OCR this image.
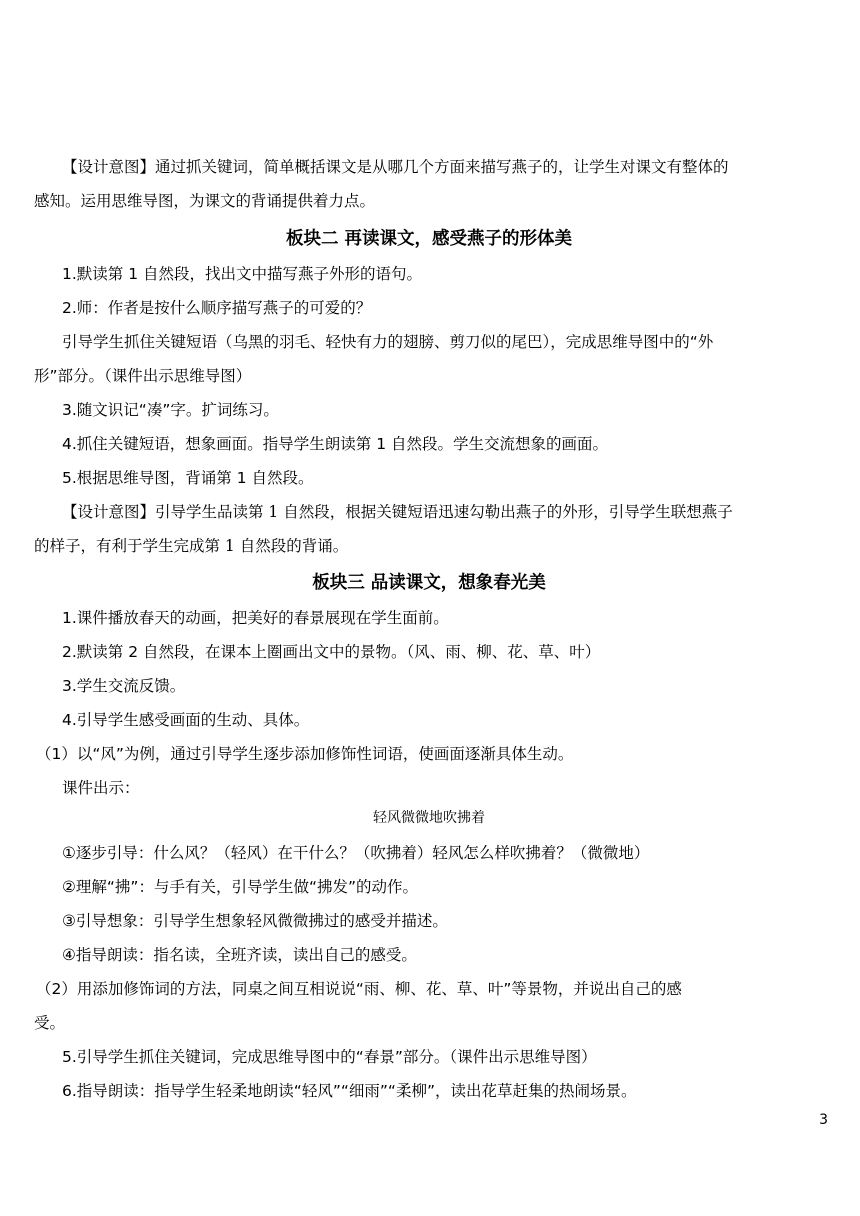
【设计意图】通过抓关键词，简单概括课文是从哪几个方面来描写燕子的，让学生对课文有整体的
感知。运用思维导图，为课文的背诵提供着力点。
板块二 再读课文，感受燕子的形体美
1.默读第 1 自然段，找出文中描写燕子外形的语句。
2.师：作者是按什么顺序描写燕子的可爱的？
引导学生抓住关键短语（乌黑的羽毛、轻快有力的翅膀、剪刀似的尾巴），完成思维导图中的“外
形”部分。（课件出示思维导图）
3.随文识记“凑”字。扩词练习。
4.抓住关键短语，想象画面。指导学生朗读第 1 自然段。学生交流想象的画面。
5.根据思维导图，背诵第 1 自然段。
【设计意图】引导学生品读第 1 自然段，根据关键短语迅速勾勒出燕子的外形，引导学生联想燕子
的样子，有利于学生完成第 1 自然段的背诵。
板块三 品读课文，想象春光美
1.课件播放春天的动画，把美好的春景展现在学生面前。
2.默读第 2 自然段，在课本上圈画出文中的景物。（风、雨、柳、花、草、叶）
3.学生交流反馈。
4.引导学生感受画面的生动、具体。
（1）以“风”为例，通过引导学生逐步添加修饰性词语，使画面逐渐具体生动。
课件出示：
轻风微微地吹拂着
①逐步引导：什么风？（轻风）在干什么？（吹拂着）轻风怎么样吹拂着？（微微地）
②理解“拂”：与手有关，引导学生做“拂发”的动作。
③引导想象：引导学生想象轻风微微拂过的感受并描述。
④指导朗读：指名读，全班齐读，读出自己的感受。
（2）用添加修饰词的方法，同桌之间互相说说“雨、柳、花、草、叶”等景物，并说出自己的感
受。
5.引导学生抓住关键词，完成思维导图中的“春景”部分。（课件出示思维导图）
6.指导朗读：指导学生轻柔地朗读“轻风”“细雨”“柔柳”，读出花草赶集的热闹场景。
3
